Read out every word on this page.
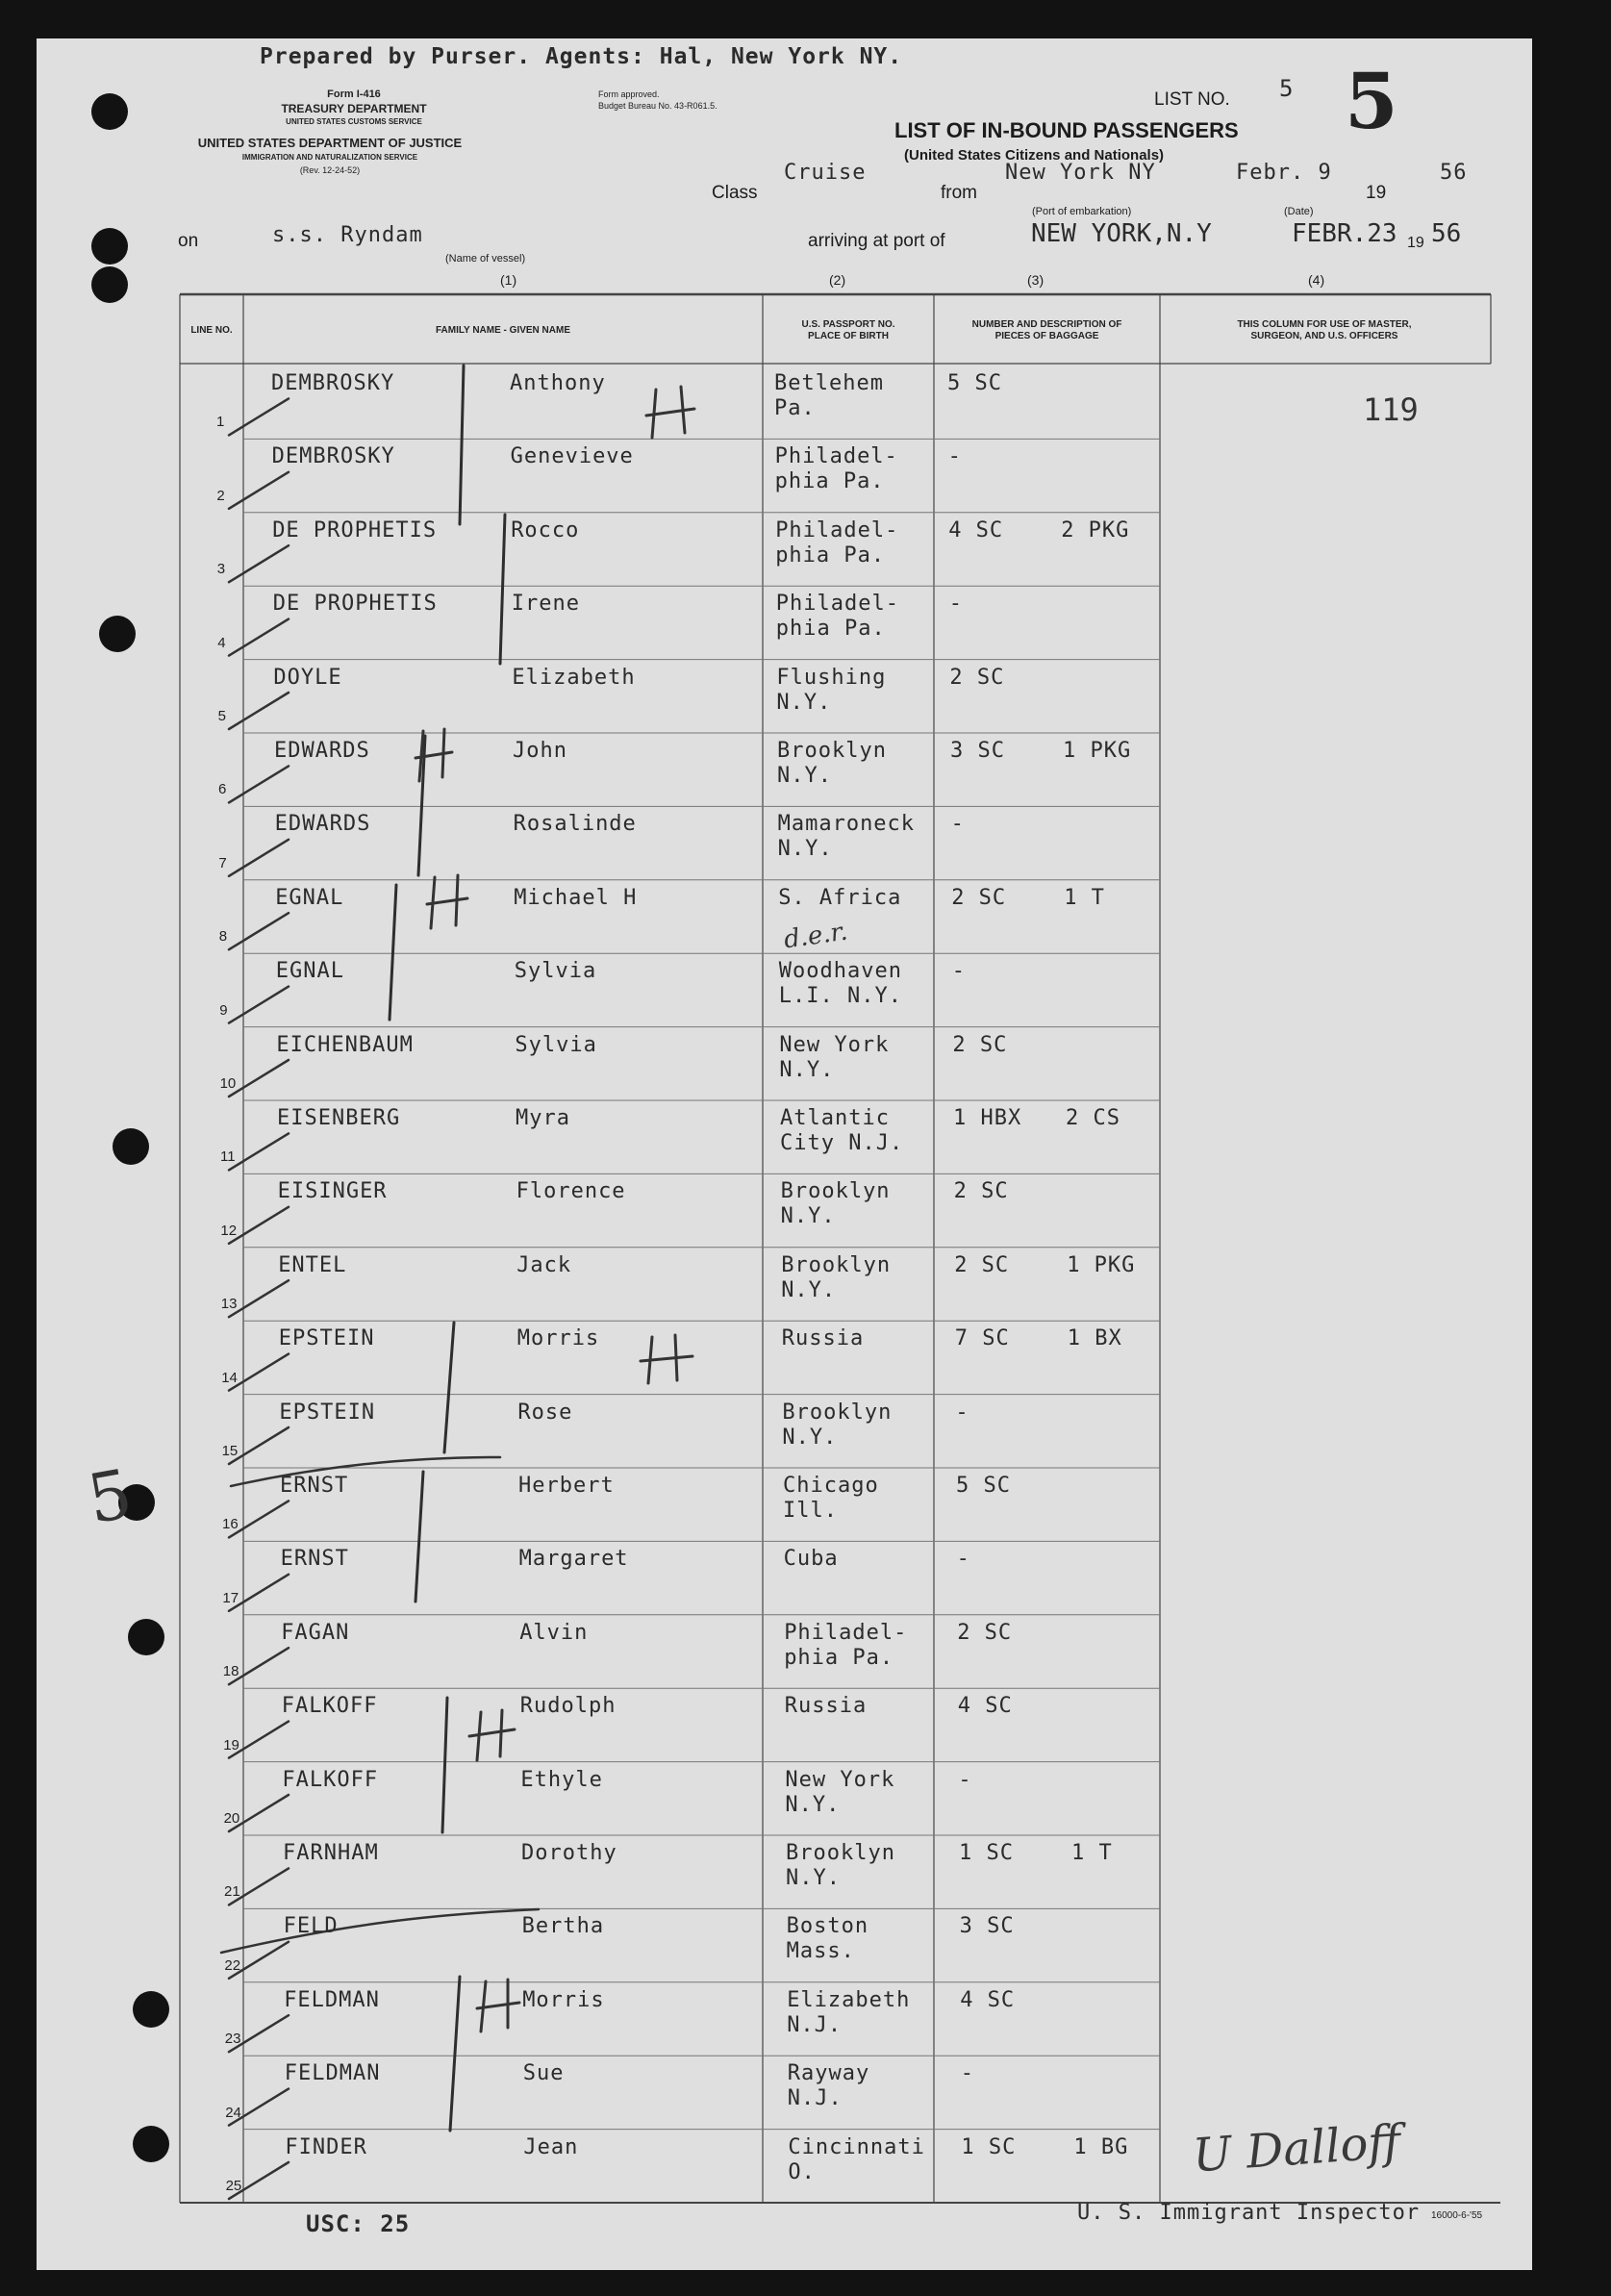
Prepared by Purser. Agents: Hal, New York NY.
Form I-416
TREASURY DEPARTMENT
UNITED STATES CUSTOMS SERVICE
UNITED STATES DEPARTMENT OF JUSTICE
IMMIGRATION AND NATURALIZATION SERVICE
(Rev. 12-24-52)
Form approved.
Budget Bureau No. 43-R061.5.	LIST NO. 5 5
LIST OF IN-BOUND PASSENGERS
(United States Citizens and Nationals)
Class
Cruise
from
New York NY
(Port of embarkation)
Febr. 9
(Date)
19
56
on	s.s. Ryndam
(Name of vessel)
arriving at port of	NEW YORK,N.Y	FEBR.23 19 56
(1)	(2)	(3)	(4)
LINE NO.	FAMILY NAME - GIVEN NAME
U.S. PASSPORT NO. PLACE OF BIRTH
NUMBER AND DESCRIPTION OF PIECES OF BAGGAGE
THIS COLUMN FOR USE OF MASTER, SURGEON, AND U.S. OFFICERS
1
DEMBROSKY	Anthony	Betlehem
Pa.
5 SC
2
DEMBROSKY	Genevieve	Philadel-
phia Pa.
-
3
DE PROPHETIS	Rocco	Philadel-
phia Pa.
4 SC	2 PKG
4
DE PROPHETIS	Irene	Philadel-
phia Pa.
-
5
DOYLE	Elizabeth	Flushing
N.Y.
2 SC
6
EDWARDS	John	Brooklyn
N.Y.
3 SC	1 PKG
7
EDWARDS	Rosalinde	Mamaroneck
N.Y.
-
8
EGNAL	Michael H	S. Africa 2 SC	1 T
9
EGNAL	Sylvia	Woodhaven
L.I. N.Y.
-
10
EICHENBAUM	Sylvia	New York
N.Y.
2 SC
11
EISENBERG	Myra	Atlantic
City N.J.
1 HBX 2 CS
12
EISINGER	Florence	Brooklyn
N.Y.
2 SC
13
ENTEL	Jack	Brooklyn
N.Y.
2 SC	1 PKG
14
EPSTEIN	Morris	Russia	7 SC	1 BX
15
EPSTEIN	Rose	Brooklyn
N.Y.
-
16
ERNST	Herbert	Chicago
Ill.
5 SC
17
ERNST	Margaret	Cuba	-
18
FAGAN	Alvin	Philadel-
phia Pa.
2 SC
19
FALKOFF	Rudolph	Russia	4 SC
20
FALKOFF	Ethyle	New York
N.Y.
-
21
FARNHAM	Dorothy	Brooklyn
N.Y.
1 SC	1 T
22
FELD	Bertha	Boston
Mass.
3 SC
23
FELDMAN	Morris	Elizabeth
N.J.
4 SC
24
FELDMAN	Sue	Rayway
N.J.
-
25
FINDER	Jean	Cincinnati
O.
1 SC	1 BG
119
5
d.e.r.
U Dalloff
USC: 25	U. S. Immigrant Inspector 16000-6-'55
